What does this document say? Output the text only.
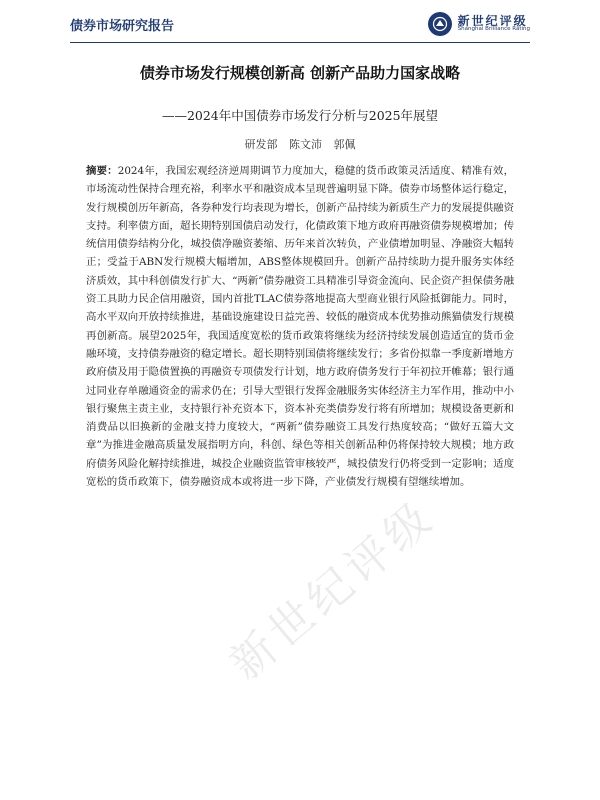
债券市场研究报告	新世纪评级
Shanghai Brilliance Rating
债券市场发行规模创新高 创新产品助力国家战略
——2024年中国债券市场发行分析与2025年展望
研发部 陈文沛 郭佩
摘要：2024年，我国宏观经济逆周期调节力度加大，稳健的货币政策灵活适度、精准有效，市场流动性保持合理充裕，利率水平和融资成本呈现普遍明显下降。债券市场整体运行稳定，发行规模创历年新高，各券种发行均表现为增长，创新产品持续为新质生产力的发展提供融资支持。利率债方面，超长期特别国债启动发行，化债政策下地方政府再融资债券规模增加；传统信用债券结构分化，城投债净融资萎缩、历年来首次转负，产业债增加明显、净融资大幅转正；受益于ABN发行规模大幅增加，ABS整体规模回升。创新产品持续助力提升服务实体经济质效，其中科创债发行扩大、“两新”债券融资工具精准引导资金流向、民企资产担保债务融资工具助力民企信用融资，国内首批TLAC债券落地提高大型商业银行风险抵御能力。同时，高水平双向开放持续推进，基础设施建设日益完善、较低的融资成本优势推动熊猫债发行规模再创新高。展望2025年，我国适度宽松的货币政策将继续为经济持续发展创造适宜的货币金融环境，支持债券融资的稳定增长。超长期特别国债将继续发行；多省份拟靠一季度新增地方政府债及用于隐债置换的再融资专项债发行计划，地方政府债务发行于年初拉开帷幕；银行通过同业存单融通资金的需求仍在；引导大型银行发挥金融服务实体经济主力军作用，推动中小银行聚焦主责主业，支持银行补充资本下，资本补充类债券发行将有所增加；规模设备更新和消费品以旧换新的金融支持力度较大，“两新”债券融资工具发行热度较高；“做好五篇大文章”为推进金融高质量发展指明方向，科创、绿色等相关创新品种仍将保持较大规模；地方政府债务风险化解持续推进，城投企业融资监管审核较严，城投债发行仍将受到一定影响；适度宽松的货币政策下，债券融资成本或将进一步下降，产业债发行规模有望继续增加。
新世纪评级
